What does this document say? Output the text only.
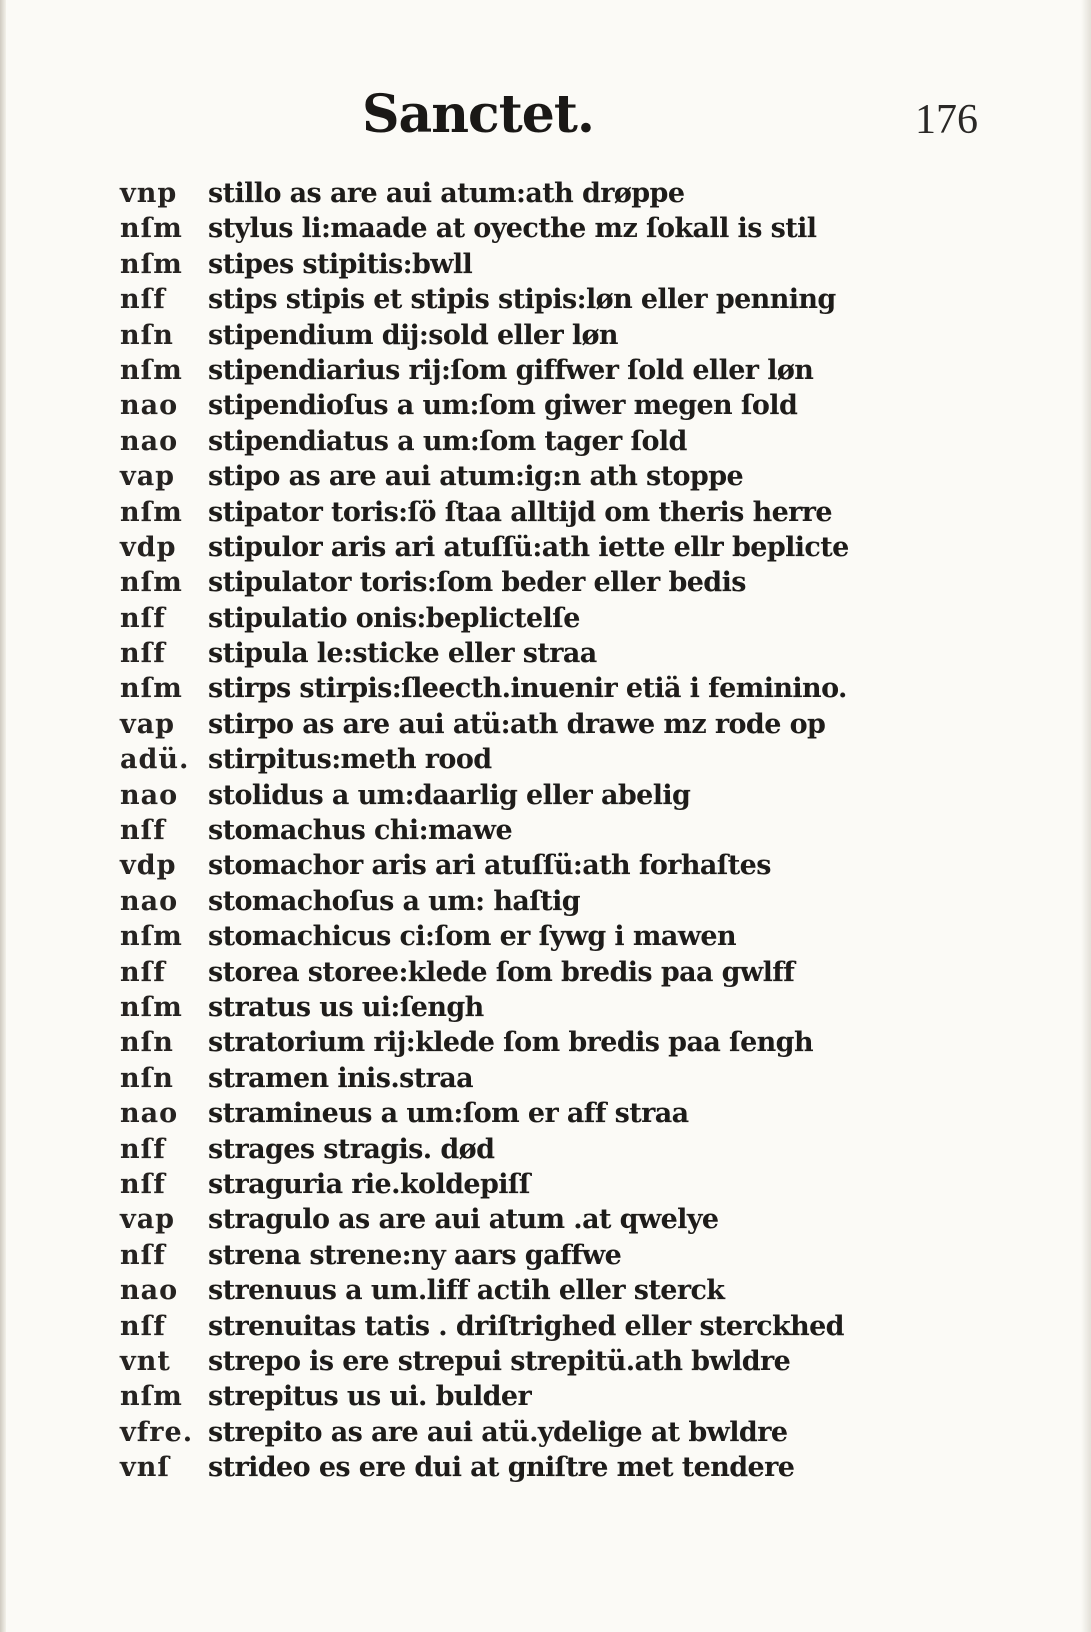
Sanctet.	176
vnp	stillo as are aui atum:ath drøppe
nſm stylus li:maade at oyecthe mz ſokall is stil
nſm stipes stipitis:bwll
nſf	stips stipis et stipis stipis:løn eller penning
nſn	stipendium dij:sold eller løn
nſm stipendiarius rij:ſom giffwer ſold eller løn
nao	stipendioſus a um:ſom giwer megen ſold
nao	stipendiatus a um:ſom tager ſold
vap	stipo as are aui atum:ig:n ath stoppe
nſm stipator toris:ſö ſtaa alltijd om theris herre
vdp	stipulor aris ari atuſſü:ath iette ellr beplicte
nſm stipulator toris:ſom beder eller bedis
nſf	stipulatio onis:beplictelſe
nſf	stipula le:sticke eller straa
nſm stirps stirpis:ſleecth.inuenir etiä i feminino.
vap	stirpo as are aui atü:ath drawe mz rode op
adü. stirpitus:meth rood
nao	stolidus a um:daarlig eller abelig
nſf	stomachus chi:mawe
vdp	stomachor aris ari atuſſü:ath forhaſtes
nao	stomachoſus a um: haſtig
nſm stomachicus ci:ſom er ſywg i mawen
nſf	storea storee:klede ſom bredis paa gwlff
nſm stratus us ui:ſengh
nſn	stratorium rij:klede ſom bredis paa ſengh
nſn	stramen inis.straa
nao	stramineus a um:ſom er aff straa
nſf	strages stragis. død
nſf	straguria rie.koldepiſſ
vap	stragulo as are aui atum .at qwelye
nſf	strena strene:ny aars gaffwe
nao	strenuus a um.liff actih eller sterck
nſf	strenuitas tatis . driſtrighed eller sterckhed
vnt	strepo is ere strepui strepitü.ath bwldre
nſm strepitus us ui. bulder
vfre. strepito as are aui atü.ydelige at bwldre
vnſ	strideo es ere dui at gniſtre met tendere
